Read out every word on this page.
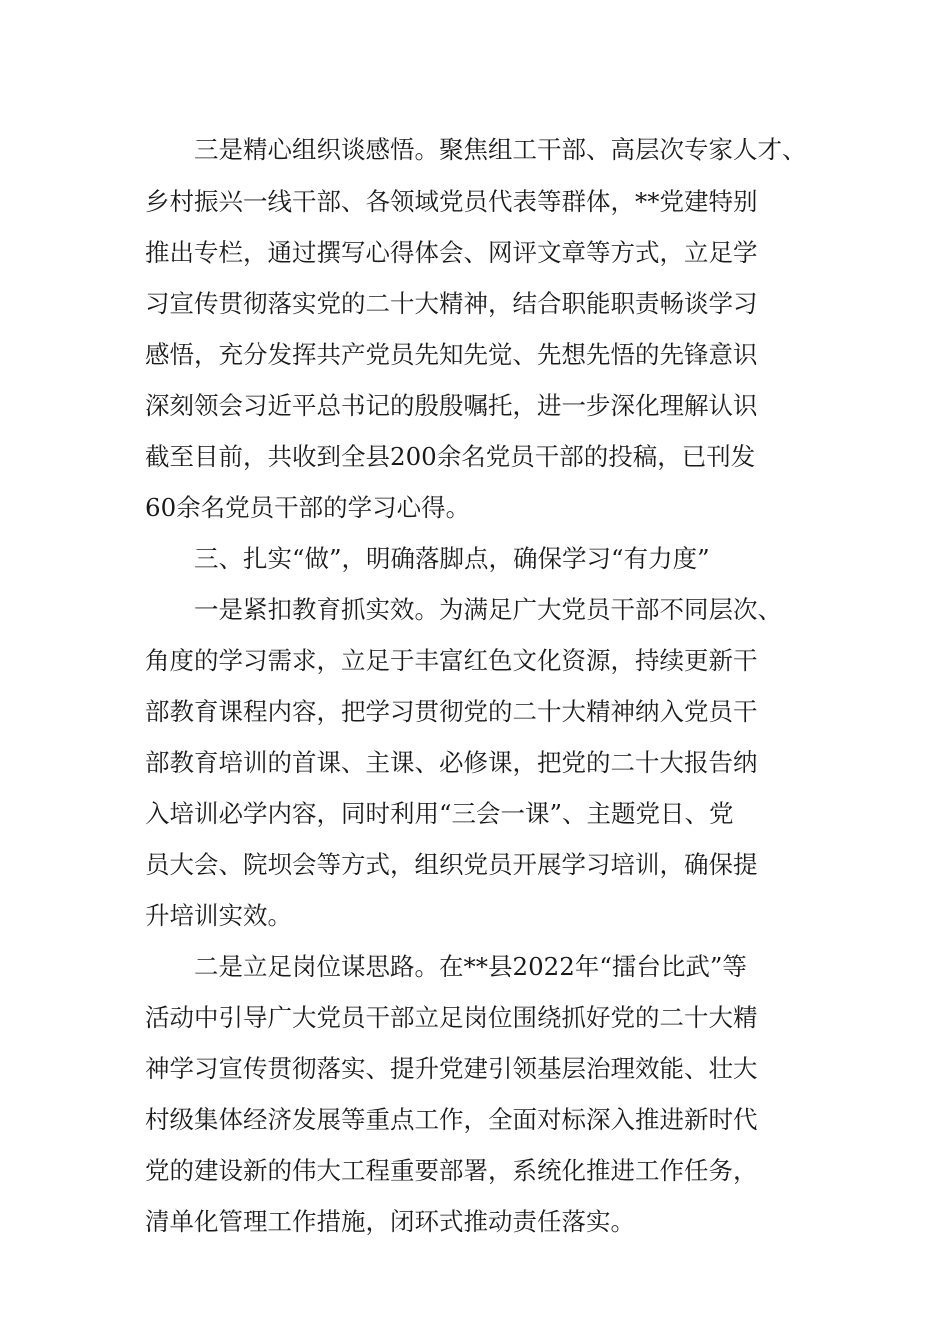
　　三是精心组织谈感悟。聚焦组工干部、高层次专家人才、
乡村振兴一线干部、各领域党员代表等群体，**党建特别
推出专栏，通过撰写心得体会、网评文章等方式，立足学
习宣传贯彻落实党的二十大精神，结合职能职责畅谈学习
感悟，充分发挥共产党员先知先觉、先想先悟的先锋意识
深刻领会习近平总书记的殷殷嘱托，进一步深化理解认识
截至目前，共收到全县200余名党员干部的投稿，已刊发
60余名党员干部的学习心得。
　　三、扎实“做”，明确落脚点，确保学习“有力度”
　　一是紧扣教育抓实效。为满足广大党员干部不同层次、
角度的学习需求，立足于丰富红色文化资源，持续更新干
部教育课程内容，把学习贯彻党的二十大精神纳入党员干
部教育培训的首课、主课、必修课，把党的二十大报告纳
入培训必学内容，同时利用“三会一课”、主题党日、党
员大会、院坝会等方式，组织党员开展学习培训，确保提
升培训实效。
　　二是立足岗位谋思路。在**县2022年“擂台比武”等
活动中引导广大党员干部立足岗位围绕抓好党的二十大精
神学习宣传贯彻落实、提升党建引领基层治理效能、壮大
村级集体经济发展等重点工作，全面对标深入推进新时代
党的建设新的伟大工程重要部署，系统化推进工作任务，
清单化管理工作措施，闭环式推动责任落实。
